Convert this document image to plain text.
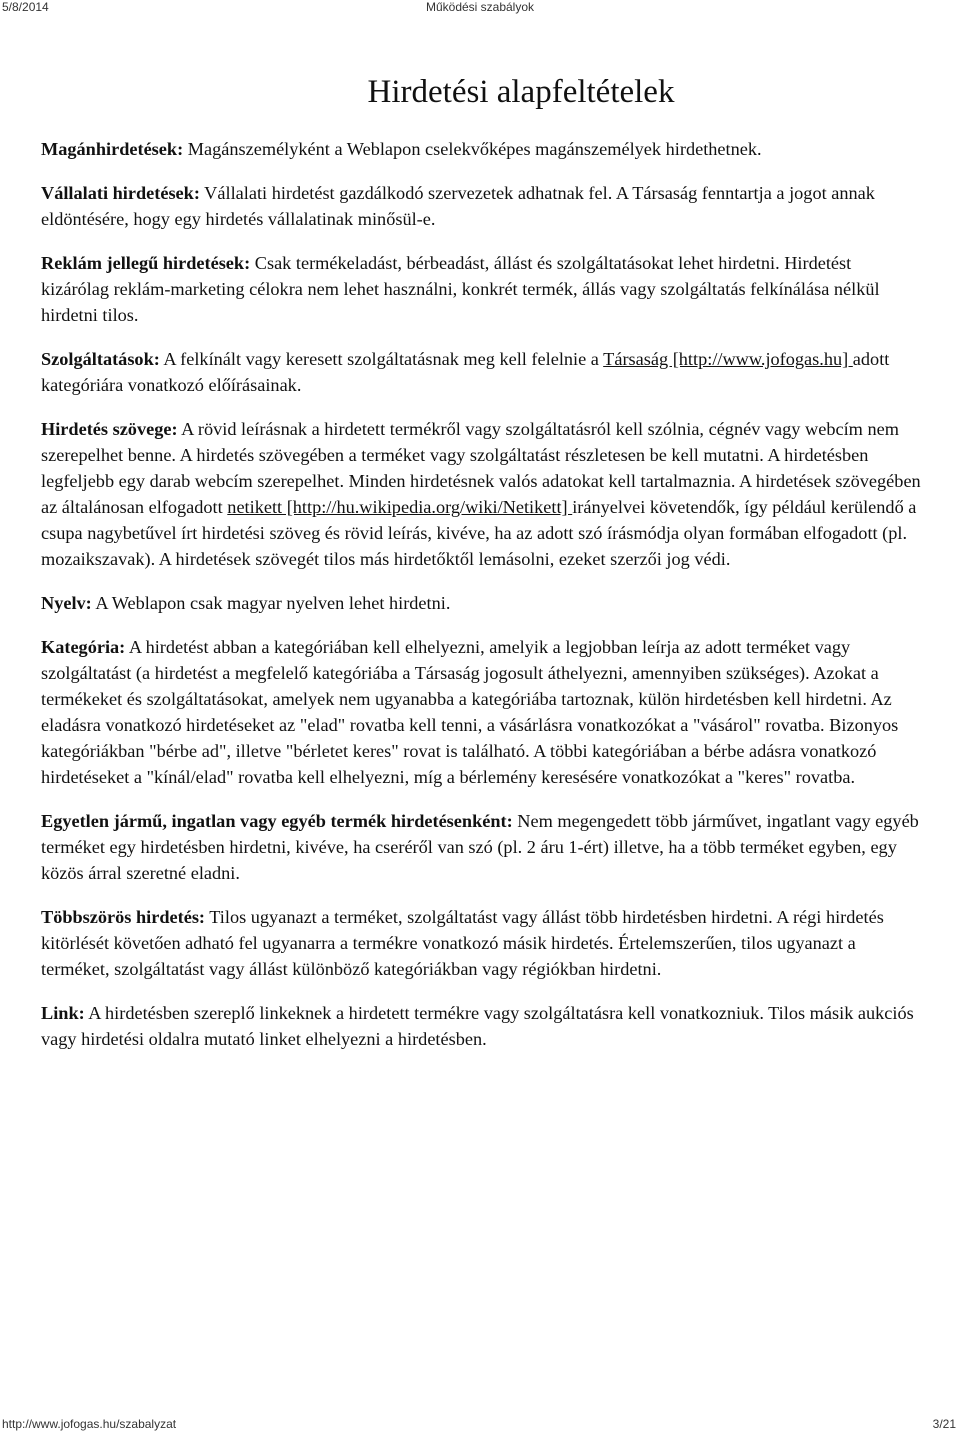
5/8/2014	Működési szabályok
Hirdetési alapfeltételek

Magánhirdetések: Magánszemélyként a Weblapon cselekvőképes magánszemélyek hirdethetnek.

Vállalati hirdetések: Vállalati hirdetést gazdálkodó szervezetek adhatnak fel. A Társaság fenntartja a jogot annak eldöntésére, hogy egy hirdetés vállalatinak minősül-e.

Reklám jellegű hirdetések: Csak termékeladást, bérbeadást, állást és szolgáltatásokat lehet hirdetni. Hirdetést kizárólag reklám-marketing célokra nem lehet használni, konkrét termék, állás vagy szolgáltatás felkínálása nélkül hirdetni tilos.

Szolgáltatások: A felkínált vagy keresett szolgáltatásnak meg kell felelnie a Társaság [http://www.jofogas.hu] adott kategóriára vonatkozó előírásainak.

Hirdetés szövege: A rövid leírásnak a hirdetett termékről vagy szolgáltatásról kell szólnia, cégnév vagy webcím nem szerepelhet benne. A hirdetés szövegében a terméket vagy szolgáltatást részletesen be kell mutatni. A hirdetésben legfeljebb egy darab webcím szerepelhet. Minden hirdetésnek valós adatokat kell tartalmaznia. A hirdetések szövegében az általánosan elfogadott netikett [http://hu.wikipedia.org/wiki/Netikett] irányelvei követendők, így például kerülendő a csupa nagybetűvel írt hirdetési szöveg és rövid leírás, kivéve, ha az adott szó írásmódja olyan formában elfogadott (pl. mozaikszavak). A hirdetések szövegét tilos más hirdetőktől lemásolni, ezeket szerzői jog védi.

Nyelv: A Weblapon csak magyar nyelven lehet hirdetni.

Kategória: A hirdetést abban a kategóriában kell elhelyezni, amelyik a legjobban leírja az adott terméket vagy szolgáltatást (a hirdetést a megfelelő kategóriába a Társaság jogosult áthelyezni, amennyiben szükséges). Azokat a termékeket és szolgáltatásokat, amelyek nem ugyanabba a kategóriába tartoznak, külön hirdetésben kell hirdetni. Az eladásra vonatkozó hirdetéseket az "elad" rovatba kell tenni, a vásárlásra vonatkozókat a "vásárol" rovatba. Bizonyos kategóriákban "bérbe ad", illetve "bérletet keres" rovat is található. A többi kategóriában a bérbe adásra vonatkozó hirdetéseket a "kínál/elad" rovatba kell elhelyezni, míg a bérlemény keresésére vonatkozókat a "keres" rovatba.

Egyetlen jármű, ingatlan vagy egyéb termék hirdetésenként: Nem megengedett több járművet, ingatlant vagy egyéb terméket egy hirdetésben hirdetni, kivéve, ha cseréről van szó (pl. 2 áru 1-ért) illetve, ha a több terméket egyben, egy közös árral szeretné eladni.

Többszörös hirdetés: Tilos ugyanazt a terméket, szolgáltatást vagy állást több hirdetésben hirdetni. A régi hirdetés kitörlését követően adható fel ugyanarra a termékre vonatkozó másik hirdetés. Értelemszerűen, tilos ugyanazt a terméket, szolgáltatást vagy állást különböző kategóriákban vagy régiókban hirdetni.

Link: A hirdetésben szereplő linkeknek a hirdetett termékre vagy szolgáltatásra kell vonatkozniuk. Tilos másik aukciós vagy hirdetési oldalra mutató linket elhelyezni a hirdetésben.

http://www.jofogas.hu/szabalyzat	3/21
